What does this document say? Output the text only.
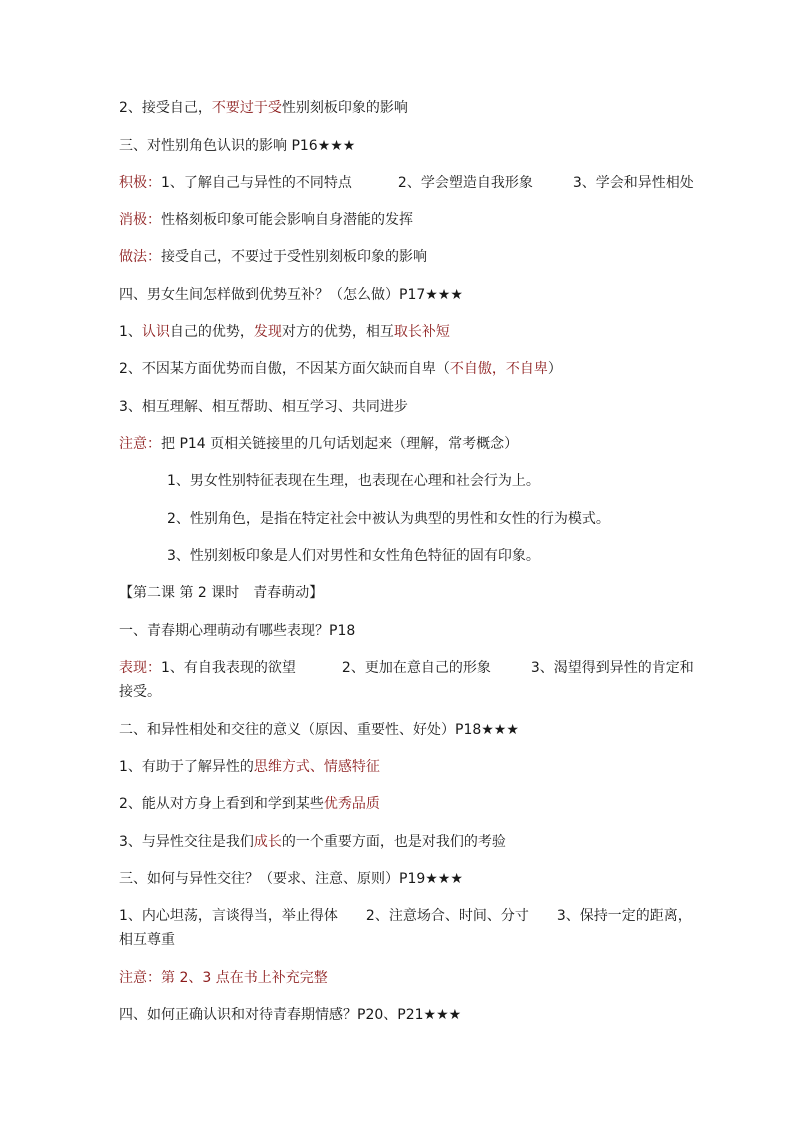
2、接受自己，不要过于受性别刻板印象的影响
三、对性别角色认识的影响 P16★★★
积极：1、了解自己与异性的不同特点	2、学会塑造自我形象	3、学会和异性相处
消极：性格刻板印象可能会影响自身潜能的发挥
做法：接受自己，不要过于受性别刻板印象的影响
四、男女生间怎样做到优势互补？（怎么做）P17★★★
1、认识自己的优势，发现对方的优势，相互取长补短
2、不因某方面优势而自傲，不因某方面欠缺而自卑（不自傲，不自卑）
3、相互理解、相互帮助、相互学习、共同进步
注意：把 P14 页相关链接里的几句话划起来（理解，常考概念）
1、男女性别特征表现在生理，也表现在心理和社会行为上。
2、性别角色，是指在特定社会中被认为典型的男性和女性的行为模式。
3、性别刻板印象是人们对男性和女性角色特征的固有印象。
【第二课 第 2 课时　青春萌动】
一、青春期心理萌动有哪些表现？P18
表现：1、有自我表现的欲望	2、更加在意自己的形象	3、渴望得到异性的肯定和
接受。
二、和异性相处和交往的意义（原因、重要性、好处）P18★★★
1、有助于了解异性的思维方式、情感特征
2、能从对方身上看到和学到某些优秀品质
3、与异性交往是我们成长的一个重要方面，也是对我们的考验
三、如何与异性交往？（要求、注意、原则）P19★★★
1、内心坦荡，言谈得当，举止得体 2、注意场合、时间、分寸 3、保持一定的距离，
相互尊重
注意：第 2、3 点在书上补充完整
四、如何正确认识和对待青春期情感？P20、P21★★★
